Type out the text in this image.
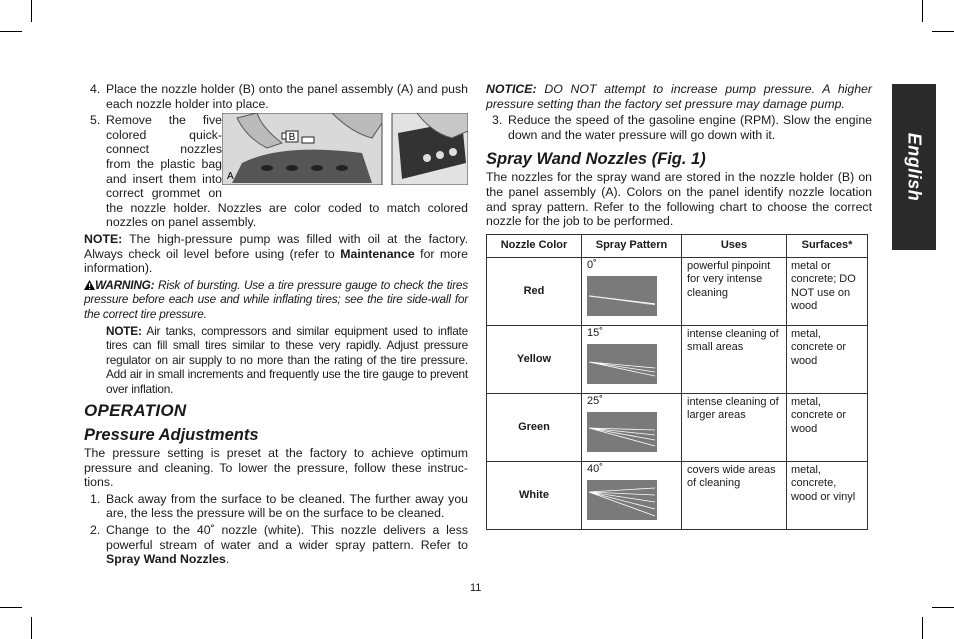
4. Place the nozzle holder (B) onto the panel assembly (A) and push each nozzle holder into place.
5.
B
A
Remove the five colored quick-connect nozzles from the plastic bag and insert them into correct grommet on the nozzle holder. Nozzles are color coded to match colored nozzles on panel assembly.

NOTE: The high-pressure pump was filled with oil at the factory. Always check oil level before using (refer to Maintenance for more information).

WARNING: Risk of bursting. Use a tire pressure gauge to check the tires pressure before each use and while inflating tires; see the tire side-wall for the correct tire pressure.

NOTE: Air tanks, compressors and similar equipment used to inflate tires can fill small tires similar to these very rapidly. Adjust pressure regulator on air supply to no more than the rating of the tire pressure. Add air in small increments and frequently use the tire gauge to prevent over inflation.

OPERATION
Pressure Adjustments

The pressure setting is preset at the factory to achieve optimum pressure and cleaning. To lower the pressure, follow these instruc-tions.

1. Back away from the surface to be cleaned. The further away you are, the less the pressure will be on the surface to be cleaned.
2. Change to the 40˚ nozzle (white). This nozzle delivers a less powerful stream of water and a wider spray pattern. Refer to Spray Wand Nozzles.

NOTICE: DO NOT attempt to increase pump pressure. A higher pressure setting than the factory set pressure may damage pump.

3. Reduce the speed of the gasoline engine (RPM). Slow the engine down and the water pressure will go down with it.
Spray Wand Nozzles (Fig. 1)

The nozzles for the spray wand are stored in the nozzle holder (B) on the panel assembly (A). Colors on the panel identify nozzle location and spray pattern. Refer to the following chart to choose the correct nozzle for the job to be performed.

Nozzle Color	Spray Pattern	Uses	Surfaces*
Red	0˚	powerful pinpoint for very intense cleaning	metal or concrete; DO NOT use on wood
Yellow	15˚	intense cleaning of small areas	metal, concrete or wood
Green	25˚	intense cleaning of larger areas	metal, concrete or wood
White	40˚	covers wide areas of cleaning	metal, concrete, wood or vinyl
English
11
